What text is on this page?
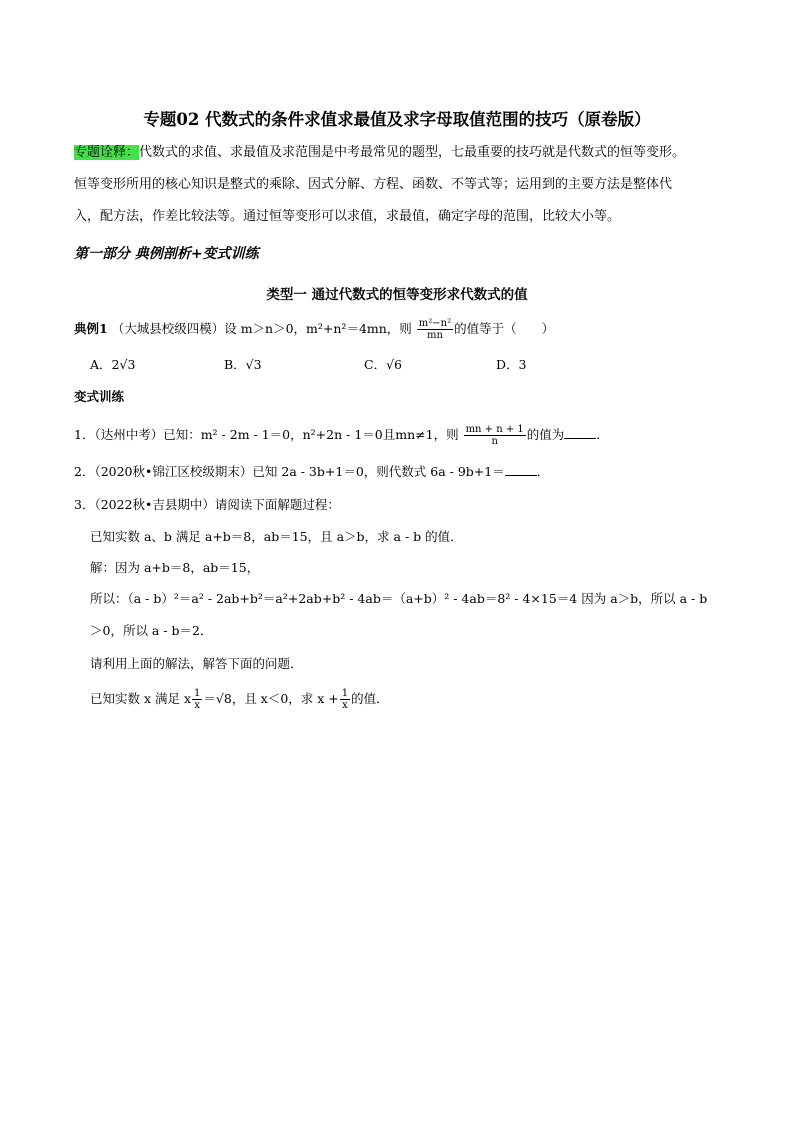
专题02 代数式的条件求值求最值及求字母取值范围的技巧（原卷版）
专题诠释：代数式的求值、求最值及求范围是中考最常见的题型，七最重要的技巧就是代数式的恒等变形。
恒等变形所用的核心知识是整式的乘除、因式分解、方程、函数、不等式等；运用到的主要方法是整体代
入，配方法，作差比较法等。通过恒等变形可以求值，求最值，确定字母的范围，比较大小等。
第一部分 典例剖析+变式训练
类型一 通过代数式的恒等变形求代数式的值
典例1 （大城县校级四模）设 m＞n＞0，m²+n²＝4mn，则 $\frac{\text{m²−n²}}{mn}$ 的值等于（　　）
A．2√3	B．√3	C．√6	D．3
变式训练
1．（达州中考）已知：m² - 2m - 1＝0，n²+2n - 1＝0且mn≠1，则 $\frac{mn + n + 1}{n}$ 的值为	．
2．（2020秋•锦江区校级期末）已知 2a - 3b+1＝0，则代数式 6a - 9b+1＝	．
3．（2022秋•吉县期中）请阅读下面解题过程：
已知实数 a、b 满足 a+b＝8，ab＝15，且 a＞b，求 a - b 的值．
解：因为 a+b＝8，ab＝15，
所以：（a - b）²＝a² - 2ab+b²＝a²+2ab+b² - 4ab＝（a+b）² - 4ab＝8² - 4×15＝4 因为 a＞b，所以 a - b
＞0，所以 a - b＝2．
请利用上面的解法，解答下面的问题．
已知实数 x 满足 x $\frac{1}{x} =√8$，且 x＜0，求 $x + \frac{1}{x}$ 的值．
